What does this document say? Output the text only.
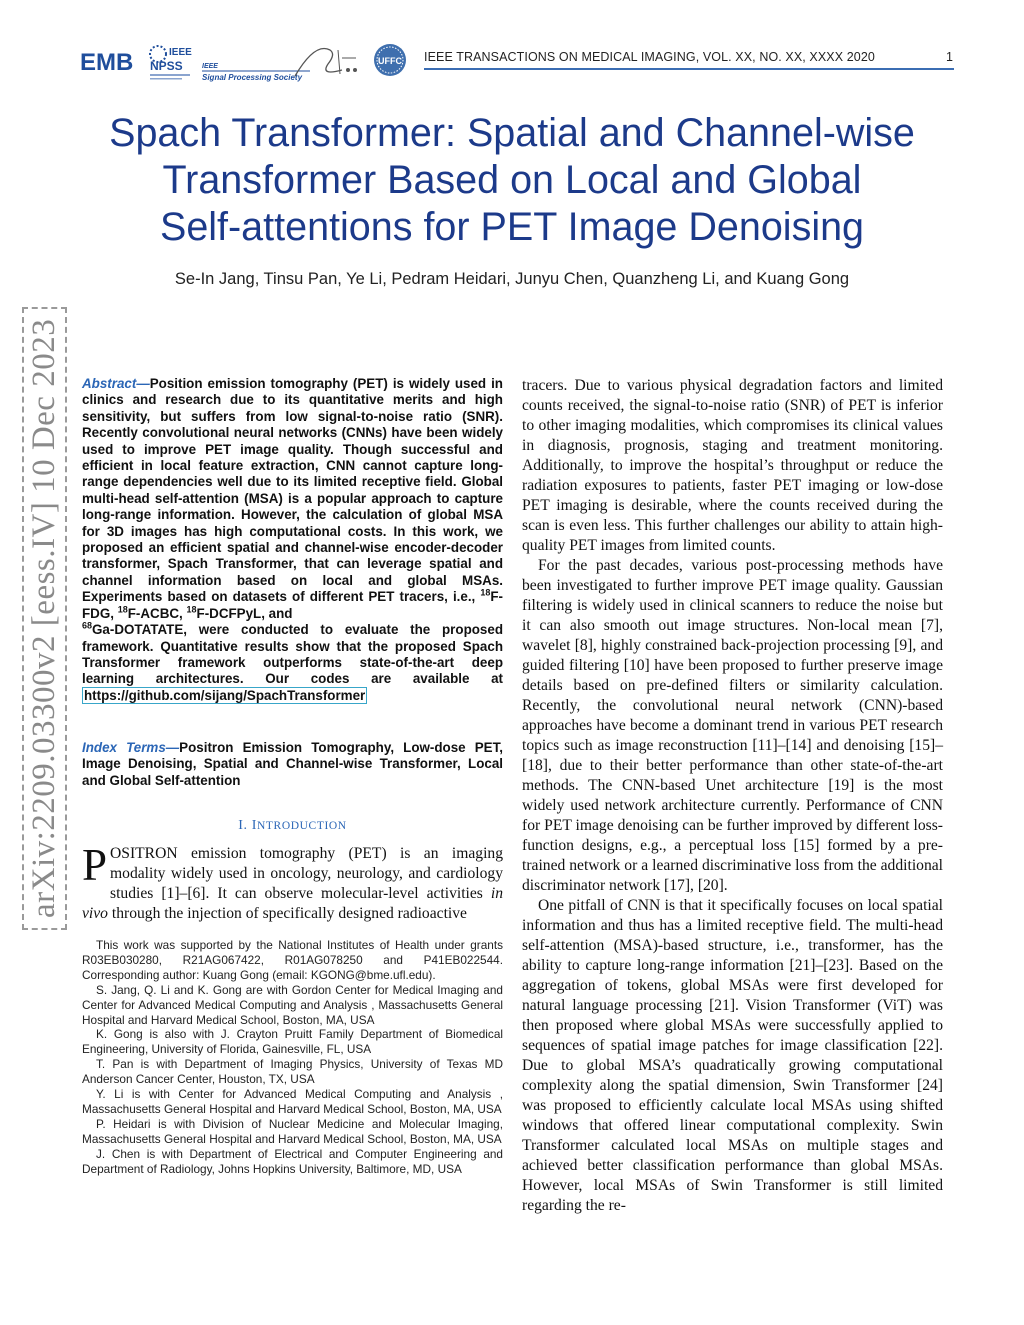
EMB	IEEE
NPSS	IEEE
Signal Processing Society
UFFC IEEE TRANSACTIONS ON MEDICAL IMAGING, VOL. XX, NO. XX, XXXX 2020	1
arXiv:2209.03300v2 [eess.IV] 10 Dec 2023
Spach Transformer: Spatial and Channel-wise
Transformer Based on Local and Global
Self-attentions for PET Image Denoising
Se-In Jang, Tinsu Pan, Ye Li, Pedram Heidari, Junyu Chen, Quanzheng Li, and Kuang Gong
Abstract—Position emission tomography (PET) is widely used in clinics and research due to its quantitative merits and high sensitivity, but suffers from low signal-to-noise ratio (SNR). Recently convolutional neural networks (CNNs) have been widely used to improve PET image quality. Though successful and efficient in local feature extraction, CNN cannot capture long-range dependencies well due to its limited receptive field. Global multi-head self-attention (MSA) is a popular approach to capture long-range information. However, the calculation of global MSA for 3D images has high computational costs. In this work, we proposed an efficient spatial and channel-wise encoder-decoder transformer, Spach Transformer, that can leverage spatial and channel information based on local and global MSAs. Experiments based on datasets of different PET tracers, i.e., $^{18}$F-FDG, $^{18}$F-ACBC, $^{18}$F-DCFPyL, and
$^{68}$Ga-DOTATATE, were conducted to evaluate the proposed framework. Quantitative results show that the proposed Spach Transformer framework outperforms state-of-the-art deep learning architectures. Our codes are available at https://github.com/sijang/SpachTransformer
Index Terms—Positron Emission Tomography, Low-dose PET, Image Denoising, Spatial and Channel-wise Transformer, Local and Global Self-attention
I. INTRODUCTION
POSITRON emission tomography (PET) is an imaging modality widely used in oncology, neurology, and cardiology studies [1]–[6]. It can observe molecular-level activities in vivo through the injection of specifically designed radioactive

This work was supported by the National Institutes of Health under grants R03EB030280, R21AG067422, R01AG078250 and P41EB022544. Corresponding author: Kuang Gong (email: KGONG@bme.ufl.edu).

S. Jang, Q. Li and K. Gong are with Gordon Center for Medical Imaging and Center for Advanced Medical Computing and Analysis , Massachusetts General Hospital and Harvard Medical School, Boston, MA, USA

K. Gong is also with J. Crayton Pruitt Family Department of Biomedical Engineering, University of Florida, Gainesville, FL, USA

T. Pan is with Department of Imaging Physics, University of Texas MD Anderson Cancer Center, Houston, TX, USA

Y. Li is with Center for Advanced Medical Computing and Analysis , Massachusetts General Hospital and Harvard Medical School, Boston, MA, USA

P. Heidari is with Division of Nuclear Medicine and Molecular Imaging, Massachusetts General Hospital and Harvard Medical School, Boston, MA, USA

J. Chen is with Department of Electrical and Computer Engineering and Department of Radiology, Johns Hopkins University, Baltimore, MD, USA

tracers. Due to various physical degradation factors and limited counts received, the signal-to-noise ratio (SNR) of PET is inferior to other imaging modalities, which compromises its clinical values in diagnosis, prognosis, staging and treatment monitoring. Additionally, to improve the hospital’s throughput or reduce the radiation exposures to patients, faster PET imaging or low-dose PET imaging is desirable, where the counts received during the scan is even less. This further challenges our ability to attain high-quality PET images from limited counts.

For the past decades, various post-processing methods have been investigated to further improve PET image quality. Gaussian filtering is widely used in clinical scanners to reduce the noise but it can also smooth out image structures. Non-local mean [7], wavelet [8], highly constrained back-projection processing [9], and guided filtering [10] have been proposed to further preserve image details based on pre-defined filters or similarity calculation. Recently, the convolutional neural network (CNN)-based approaches have become a dominant trend in various PET research topics such as image reconstruction [11]–[14] and denoising [15]–[18], due to their better performance than other state-of-the-art methods. The CNN-based Unet architecture [19] is the most widely used network architecture currently. Performance of CNN for PET image denoising can be further improved by different loss-function designs, e.g., a perceptual loss [15] formed by a pre-trained network or a learned discriminative loss from the additional discriminator network [17], [20].

One pitfall of CNN is that it specifically focuses on local spatial information and thus has a limited receptive field. The multi-head self-attention (MSA)-based structure, i.e., transformer, has the ability to capture long-range information [21]–[23]. Based on the aggregation of tokens, global MSAs were first developed for natural language processing [21]. Vision Transformer (ViT) was then proposed where global MSAs were successfully applied to sequences of spatial image patches for image classification [22]. Due to global MSA’s quadratically growing computational complexity along the spatial dimension, Swin Transformer [24] was proposed to efficiently calculate local MSAs using shifted windows that offered linear computational complexity. Swin Transformer calculated local MSAs on multiple stages and achieved better classification performance than global MSAs. However, local MSAs of Swin Transformer is still limited regarding the re-
